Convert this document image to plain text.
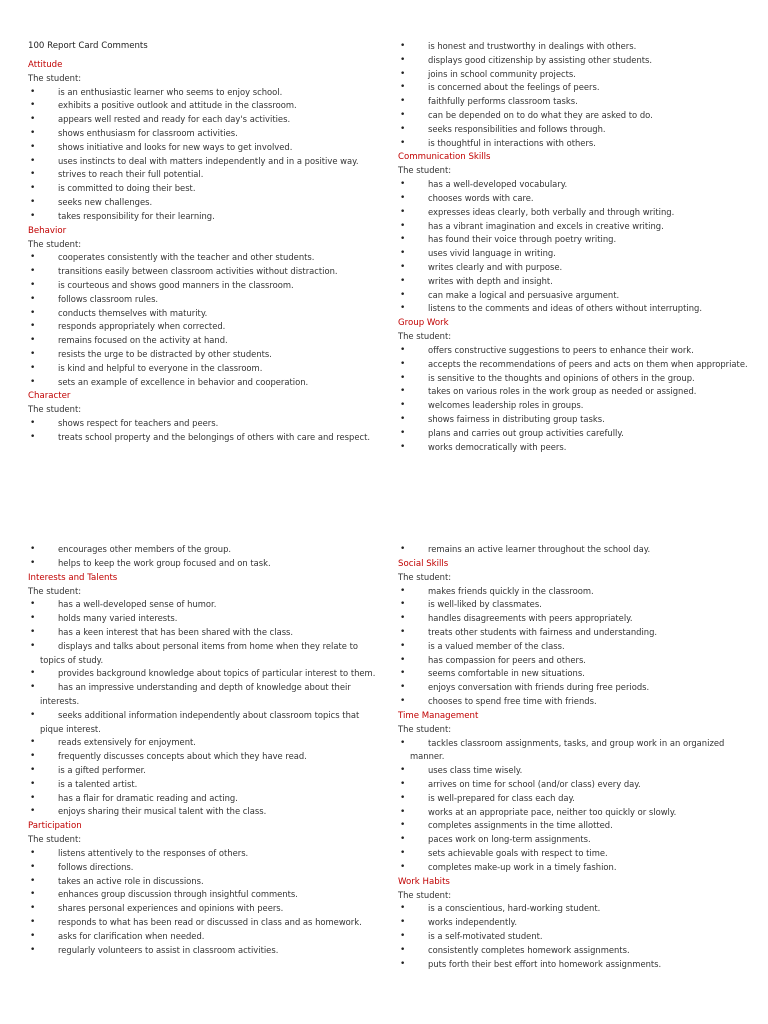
100 Report Card Comments
Attitude
The student:
• is an enthusiastic learner who seems to enjoy school.
• exhibits a positive outlook and attitude in the classroom.
• appears well rested and ready for each day's activities.
• shows enthusiasm for classroom activities.
• shows initiative and looks for new ways to get involved.
• uses instincts to deal with matters independently and in a positive way.
• strives to reach their full potential.
• is committed to doing their best.
• seeks new challenges.
• takes responsibility for their learning.
Behavior
The student:
• cooperates consistently with the teacher and other students.
• transitions easily between classroom activities without distraction.
• is courteous and shows good manners in the classroom.
• follows classroom rules.
• conducts themselves with maturity.
• responds appropriately when corrected.
• remains focused on the activity at hand.
• resists the urge to be distracted by other students.
• is kind and helpful to everyone in the classroom.
• sets an example of excellence in behavior and cooperation.
Character
The student:
• shows respect for teachers and peers.
• treats school property and the belongings of others with care and respect.
• is honest and trustworthy in dealings with others.
• displays good citizenship by assisting other students.
• joins in school community projects.
• is concerned about the feelings of peers.
• faithfully performs classroom tasks.
• can be depended on to do what they are asked to do.
• seeks responsibilities and follows through.
• is thoughtful in interactions with others.
Communication Skills
The student:
• has a well-developed vocabulary.
• chooses words with care.
• expresses ideas clearly, both verbally and through writing.
• has a vibrant imagination and excels in creative writing.
• has found their voice through poetry writing.
• uses vivid language in writing.
• writes clearly and with purpose.
• writes with depth and insight.
• can make a logical and persuasive argument.
• listens to the comments and ideas of others without interrupting.
Group Work
The student:
• offers constructive suggestions to peers to enhance their work.
• accepts the recommendations of peers and acts on them when appropriate.
• is sensitive to the thoughts and opinions of others in the group.
• takes on various roles in the work group as needed or assigned.
• welcomes leadership roles in groups.
• shows fairness in distributing group tasks.
• plans and carries out group activities carefully.
• works democratically with peers.
• encourages other members of the group.
• helps to keep the work group focused and on task.
Interests and Talents
The student:
• has a well-developed sense of humor.
• holds many varied interests.
• has a keen interest that has been shared with the class.
• displays and talks about personal items from home when they relate to topics of study.
• provides background knowledge about topics of particular interest to them.
• has an impressive understanding and depth of knowledge about their interests.
• seeks additional information independently about classroom topics that pique interest.
• reads extensively for enjoyment.
• frequently discusses concepts about which they have read.
• is a gifted performer.
• is a talented artist.
• has a flair for dramatic reading and acting.
• enjoys sharing their musical talent with the class.
Participation
The student:
• listens attentively to the responses of others.
• follows directions.
• takes an active role in discussions.
• enhances group discussion through insightful comments.
• shares personal experiences and opinions with peers.
• responds to what has been read or discussed in class and as homework.
• asks for clarification when needed.
• regularly volunteers to assist in classroom activities.
• remains an active learner throughout the school day.
Social Skills
The student:
• makes friends quickly in the classroom.
• is well-liked by classmates.
• handles disagreements with peers appropriately.
• treats other students with fairness and understanding.
• is a valued member of the class.
• has compassion for peers and others.
• seems comfortable in new situations.
• enjoys conversation with friends during free periods.
• chooses to spend free time with friends.
Time Management
The student:
• tackles classroom assignments, tasks, and group work in an organized manner.
• uses class time wisely.
• arrives on time for school (and/or class) every day.
• is well-prepared for class each day.
• works at an appropriate pace, neither too quickly or slowly.
• completes assignments in the time allotted.
• paces work on long-term assignments.
• sets achievable goals with respect to time.
• completes make-up work in a timely fashion.
Work Habits
The student:
• is a conscientious, hard-working student.
• works independently.
• is a self-motivated student.
• consistently completes homework assignments.
• puts forth their best effort into homework assignments.
